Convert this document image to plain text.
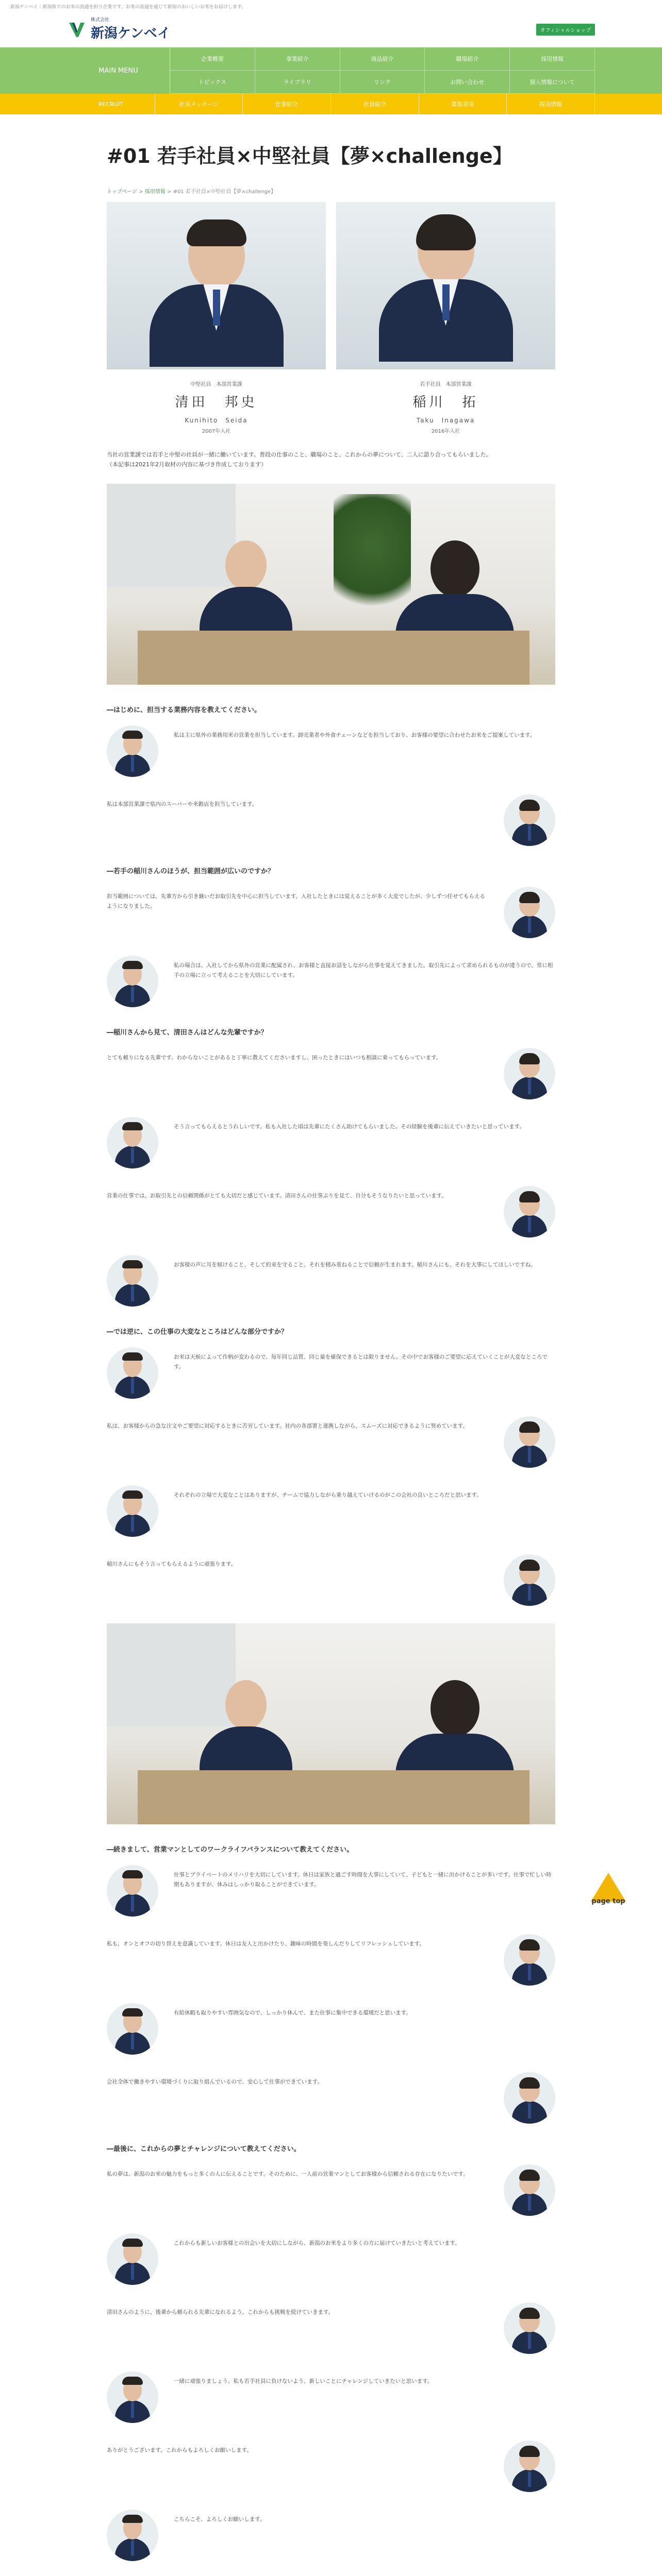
新潟ケンベイ｜新潟県でのお米の流通を担う企業です。お米の流通を通じて新潟のおいしいお米をお届けします。
株式会社
新潟ケンベイ	オフィシャルショップ
MAIN MENU
企業概要	事業紹介	商品紹介	職場紹介	採用情報
トピックス	ライブラリ	リンク	お問い合わせ	個人情報について
RECRUIT	社長メッセージ	仕事紹介	社員紹介	募集要項	採用情報
#01 若手社員×中堅社員【夢×challenge】
トップページ > 採用情報 > #01 若手社員×中堅社員【夢×challenge】
中堅社員　本部営業課
清田　邦史
Kunihito　Seida
2007年入社
若手社員　本部営業課
稲川　拓
Taku　Inagawa
2016年入社
当社の営業課では若手と中堅の社員が一緒に働いています。普段の仕事のこと、職場のこと、これからの夢について、二人に語り合ってもらいました。
（本記事は2021年2月取材の内容に基づき作成しております）
―はじめに、担当する業務内容を教えてください。
私は主に県外の業務用米の営業を担当しています。卸売業者や外食チェーンなどを担当しており、お客様の要望に合わせたお米をご提案しています。
私は本部営業課で県内のスーパーや米穀店を担当しています。
―若手の稲川さんのほうが、担当範囲が広いのですか？
担当範囲については、先輩方から引き継いだお取引先を中心に担当しています。入社したときには覚えることが多く大変でしたが、少しずつ任せてもらえるようになりました。
私の場合は、入社してから県外の営業に配属され、お客様と直接お話をしながら仕事を覚えてきました。取引先によって求められるものが違うので、常に相手の立場に立って考えることを大切にしています。
―稲川さんから見て、清田さんはどんな先輩ですか？
とても頼りになる先輩です。わからないことがあると丁寧に教えてくださいますし、困ったときにはいつも相談に乗ってもらっています。
そう言ってもらえるとうれしいです。私も入社した頃は先輩にたくさん助けてもらいました。その経験を後輩に伝えていきたいと思っています。
営業の仕事では、お取引先との信頼関係がとても大切だと感じています。清田さんの仕事ぶりを見て、自分もそうなりたいと思っています。
お客様の声に耳を傾けること、そして約束を守ること。それを積み重ねることで信頼が生まれます。稲川さんにも、それを大事にしてほしいですね。
―では逆に、この仕事の大変なところはどんな部分ですか？
お米は天候によって作柄が変わるので、毎年同じ品質、同じ量を確保できるとは限りません。その中でお客様のご要望に応えていくことが大変なところです。
私は、お客様からの急な注文やご要望に対応するときに苦労しています。社内の各部署と連携しながら、スムーズに対応できるように努めています。
それぞれの立場で大変なことはありますが、チームで協力しながら乗り越えていけるのがこの会社の良いところだと思います。
稲川さんにもそう言ってもらえるように頑張ります。
―続きまして、営業マンとしてのワークライフバランスについて教えてください。
仕事とプライベートのメリハリを大切にしています。休日は家族と過ごす時間を大事にしていて、子どもと一緒に出かけることが多いです。仕事で忙しい時期もありますが、休みはしっかり取ることができています。
私も、オンとオフの切り替えを意識しています。休日は友人と出かけたり、趣味の時間を楽しんだりしてリフレッシュしています。
有給休暇も取りやすい雰囲気なので、しっかり休んで、また仕事に集中できる環境だと思います。
会社全体で働きやすい環境づくりに取り組んでいるので、安心して仕事ができています。
―最後に、これからの夢とチャレンジについて教えてください。
私の夢は、新潟のお米の魅力をもっと多くの人に伝えることです。そのために、一人前の営業マンとしてお客様から信頼される存在になりたいです。
これからも新しいお客様との出会いを大切にしながら、新潟のお米をより多くの方に届けていきたいと考えています。
清田さんのように、後輩から頼られる先輩になれるよう、これからも挑戦を続けていきます。
一緒に頑張りましょう。私も若手社員に負けないよう、新しいことにチャレンジしていきたいと思います。
ありがとうございます。これからもよろしくお願いします。
こちらこそ、よろしくお願いします。
page top
